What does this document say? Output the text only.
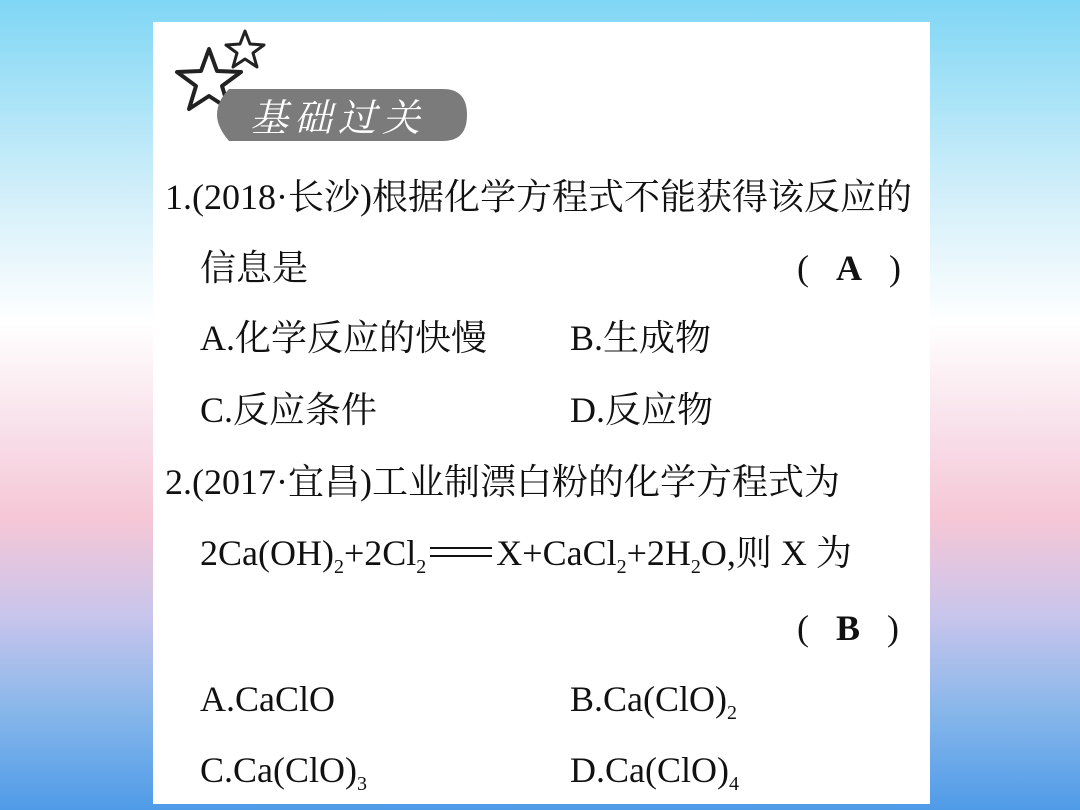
基础过关
1.(2018·长沙)根据化学方程式不能获得该反应的
信息是	(   A   )
A.化学反应的快慢 B.生成物
C.反应条件	D.反应物
2.(2017·宜昌)工业制漂白粉的化学方程式为
$2Ca(OH)_2+2Cl_2$ $X+CaCl_2+2H_2O$,则 X 为
(   B   )
A.CaClO	$B.Ca(ClO)_2$
$C.Ca(ClO)_3$	$D.Ca(ClO)_4$
